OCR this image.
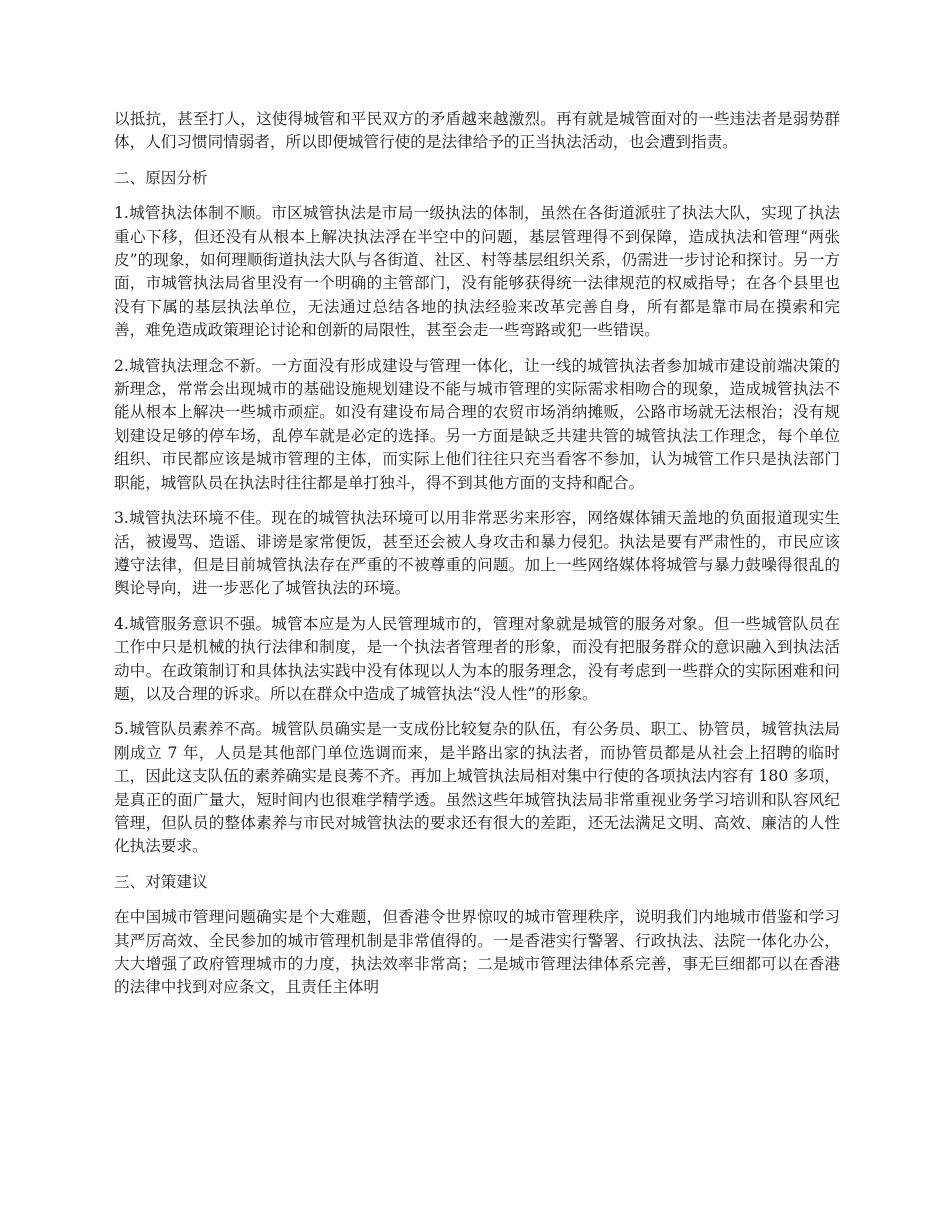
以抵抗，甚至打人，这使得城管和平民双方的矛盾越来越激烈。再有就是城管面对的一些违法者是弱势群体，人们习惯同情弱者，所以即便城管行使的是法律给予的正当执法活动，也会遭到指责。

二、原因分析

1.城管执法体制不顺。市区城管执法是市局一级执法的体制，虽然在各街道派驻了执法大队，实现了执法重心下移，但还没有从根本上解决执法浮在半空中的问题，基层管理得不到保障，造成执法和管理“两张皮”的现象，如何理顺街道执法大队与各街道、社区、村等基层组织关系，仍需进一步讨论和探讨。另一方面，市城管执法局省里没有一个明确的主管部门，没有能够获得统一法律规范的权威指导；在各个县里也没有下属的基层执法单位，无法通过总结各地的执法经验来改革完善自身，所有都是靠市局在摸索和完善，难免造成政策理论讨论和创新的局限性，甚至会走一些弯路或犯一些错误。

2.城管执法理念不新。一方面没有形成建设与管理一体化，让一线的城管执法者参加城市建设前端决策的新理念，常常会出现城市的基础设施规划建设不能与城市管理的实际需求相吻合的现象，造成城管执法不能从根本上解决一些城市顽症。如没有建设布局合理的农贸市场消纳摊贩，公路市场就无法根治；没有规划建设足够的停车场，乱停车就是必定的选择。另一方面是缺乏共建共管的城管执法工作理念，每个单位组织、市民都应该是城市管理的主体，而实际上他们往往只充当看客不参加，认为城管工作只是执法部门职能，城管队员在执法时往往都是单打独斗，得不到其他方面的支持和配合。

3.城管执法环境不佳。现在的城管执法环境可以用非常恶劣来形容，网络媒体铺天盖地的负面报道现实生活，被谩骂、造谣、诽谤是家常便饭，甚至还会被人身攻击和暴力侵犯。执法是要有严肃性的，市民应该遵守法律，但是目前城管执法存在严重的不被尊重的问题。加上一些网络媒体将城管与暴力鼓噪得很乱的舆论导向，进一步恶化了城管执法的环境。

4.城管服务意识不强。城管本应是为人民管理城市的，管理对象就是城管的服务对象。但一些城管队员在工作中只是机械的执行法律和制度，是一个执法者管理者的形象，而没有把服务群众的意识融入到执法活动中。在政策制订和具体执法实践中没有体现以人为本的服务理念，没有考虑到一些群众的实际困难和问题，以及合理的诉求。所以在群众中造成了城管执法“没人性”的形象。

5.城管队员素养不高。城管队员确实是一支成份比较复杂的队伍，有公务员、职工、协管员，城管执法局刚成立 7 年，人员是其他部门单位选调而来，是半路出家的执法者，而协管员都是从社会上招聘的临时工，因此这支队伍的素养确实是良莠不齐。再加上城管执法局相对集中行使的各项执法内容有 180 多项，是真正的面广量大，短时间内也很难学精学透。虽然这些年城管执法局非常重视业务学习培训和队容风纪管理，但队员的整体素养与市民对城管执法的要求还有很大的差距，还无法满足文明、高效、廉洁的人性化执法要求。

三、对策建议

在中国城市管理问题确实是个大难题，但香港令世界惊叹的城市管理秩序，说明我们内地城市借鉴和学习其严厉高效、全民参加的城市管理机制是非常值得的。一是香港实行警署、行政执法、法院一体化办公，大大增强了政府管理城市的力度，执法效率非常高；二是城市管理法律体系完善，事无巨细都可以在香港的法律中找到对应条文，且责任主体明
